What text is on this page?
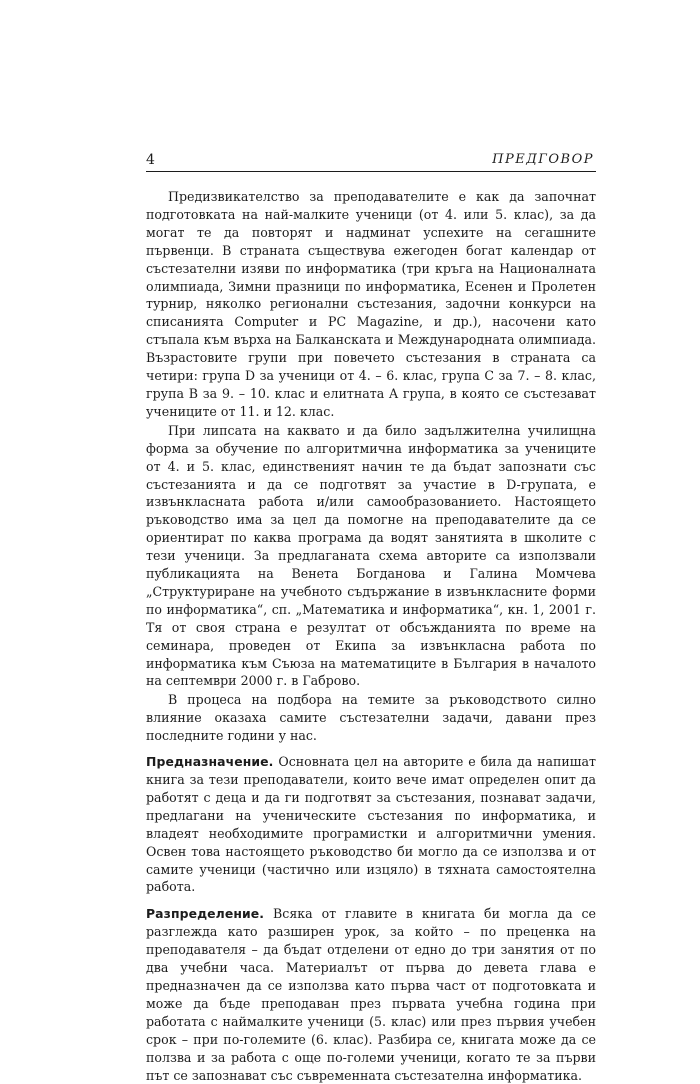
4	ПРЕДГОВОР

Предизвикателство за преподавателите е как да започнат подготовката на най-малките ученици (от 4. или 5. клас), за да могат те да повторят и надминат успехите на сегашните първенци. В страната съществува ежегоден богат календар от състезателни изяви по информатика (три кръга на Националната олимпиада, Зимни празници по информатика, Есенен и Пролетен турнир, няколко регионални състезания, задочни конкурси на списанията Computer и PC Magazine, и др.), насочени като стъпала към върха на Балканската и Международната олимпиада. Възрастовите групи при повечето състезания в страната са четири: група D за ученици от 4. – 6. клас, група C за 7. – 8. клас, група B за 9. – 10. клас и елитната A група, в която се състезават учениците от 11. и 12. клас.

При липсата на каквато и да било задължителна училищна форма за обучение по алгоритмична информатика за учениците от 4. и 5. клас, единственият начин те да бъдат запознати със състезанията и да се подготвят за участие в D-групата, е извънкласната работа и/или самообразованието. Настоящето ръководство има за цел да помогне на преподавателите да се ориентират по каква програма да водят занятията в школите с тези ученици. За предлаганата схема авторите са използвали публикацията на Венета Богданова и Галина Момчева „Структуриране на учебното съдържание в извънкласните форми по информатика“, сп. „Математика и информатика“, кн. 1, 2001 г. Тя от своя страна е резултат от обсъжданията по време на семинара, проведен от Екипа за извънкласна работа по информатика към Съюза на математиците в България в началото на септември 2000 г. в Габрово.

В процеса на подбора на темите за ръководството силно влияние оказаха самите състезателни задачи, давани през последните години у нас.

Предназначение. Основната цел на авторите е била да напишат книга за тези преподаватели, които вече имат определен опит да работят с деца и да ги подготвят за състезания, познават задачи, предлагани на ученическите състезания по информатика, и владеят необходимите програмистки и алгоритмични умения. Освен това настоящето ръководство би могло да се използва и от самите ученици (частично или изцяло) в тяхната самостоятелна работа.

Разпределение. Всяка от главите в книгата би могла да се разглежда като разширен урок, за който – по преценка на преподавателя – да бъдат отделени от едно до три занятия от по два учебни часа. Материалът от първа до девета глава е предназначен да се използва като първа част от подготовката и може да бъде преподаван през първата учебна година при работата с наймалките ученици (5. клас) или през първия учебен срок – при по-големите (6. клас). Разбира се, книгата може да се ползва и за работа с още по-големи ученици, когато те за първи път се запознават със съвременната състезателна информатика.
